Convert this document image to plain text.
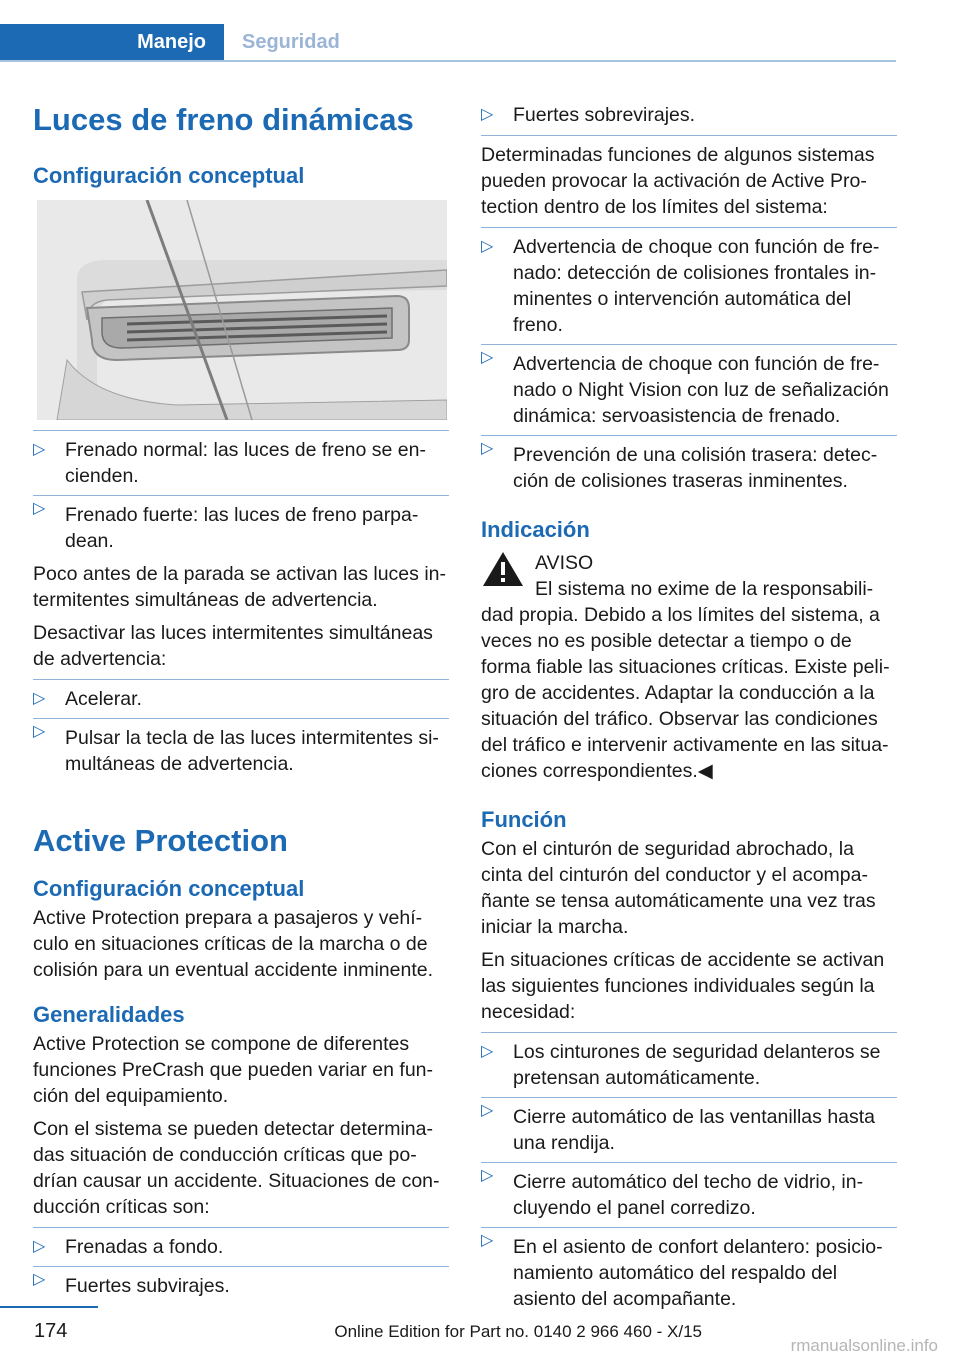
Manejo	Seguridad
Luces de freno dinámicas
Configuración conceptual
▷ Frenado normal: las luces de freno se en‐ cienden.
▷ Frenado fuerte: las luces de freno parpa‐ dean.

Poco antes de la parada se activan las luces in‐ termitentes simultáneas de advertencia.

Desactivar las luces intermitentes simultáneas de advertencia:

▷ Acelerar.
▷ Pulsar la tecla de las luces intermitentes si‐ multáneas de advertencia.
Active Protection
Configuración conceptual

Active Protection prepara a pasajeros y vehí‐ culo en situaciones críticas de la marcha o de colisión para un eventual accidente inminente.

Generalidades

Active Protection se compone de diferentes funciones PreCrash que pueden variar en fun‐ ción del equipamiento.

Con el sistema se pueden detectar determina‐ das situación de conducción críticas que po‐ drían causar un accidente. Situaciones de con‐ ducción críticas son:

▷ Frenadas a fondo.
▷ Fuertes subvirajes.
▷ Fuertes sobrevirajes.

Determinadas funciones de algunos sistemas pueden provocar la activación de Active Pro‐ tection dentro de los límites del sistema:

▷ Advertencia de choque con función de fre‐ nado: detección de colisiones frontales in‐ minentes o intervención automática del freno.
▷ Advertencia de choque con función de fre‐ nado o Night Vision con luz de señalización dinámica: servoasistencia de frenado.
▷ Prevención de una colisión trasera: detec‐ ción de colisiones traseras inminentes.
Indicación

AVISO

El sistema no exime de la responsabili‐

dad propia. Debido a los límites del sistema, a veces no es posible detectar a tiempo o de forma fiable las situaciones críticas. Existe peli‐ gro de accidentes. Adaptar la conducción a la situación del tráfico. Observar las condiciones del tráfico e intervenir activamente en las situa‐ ciones correspondientes.◀

Función

Con el cinturón de seguridad abrochado, la cinta del cinturón del conductor y el acompa‐ ñante se tensa automáticamente una vez tras iniciar la marcha.

En situaciones críticas de accidente se activan las siguientes funciones individuales según la necesidad:

▷ Los cinturones de seguridad delanteros se pretensan automáticamente.
▷ Cierre automático de las ventanillas hasta una rendija.
▷ Cierre automático del techo de vidrio, in‐ cluyendo el panel corredizo.
▷ En el asiento de confort delantero: posicio‐ namiento automático del respaldo del asiento del acompañante.
174	Online Edition for Part no. 0140 2 966 460 - X/15
rmanualsonline.info
